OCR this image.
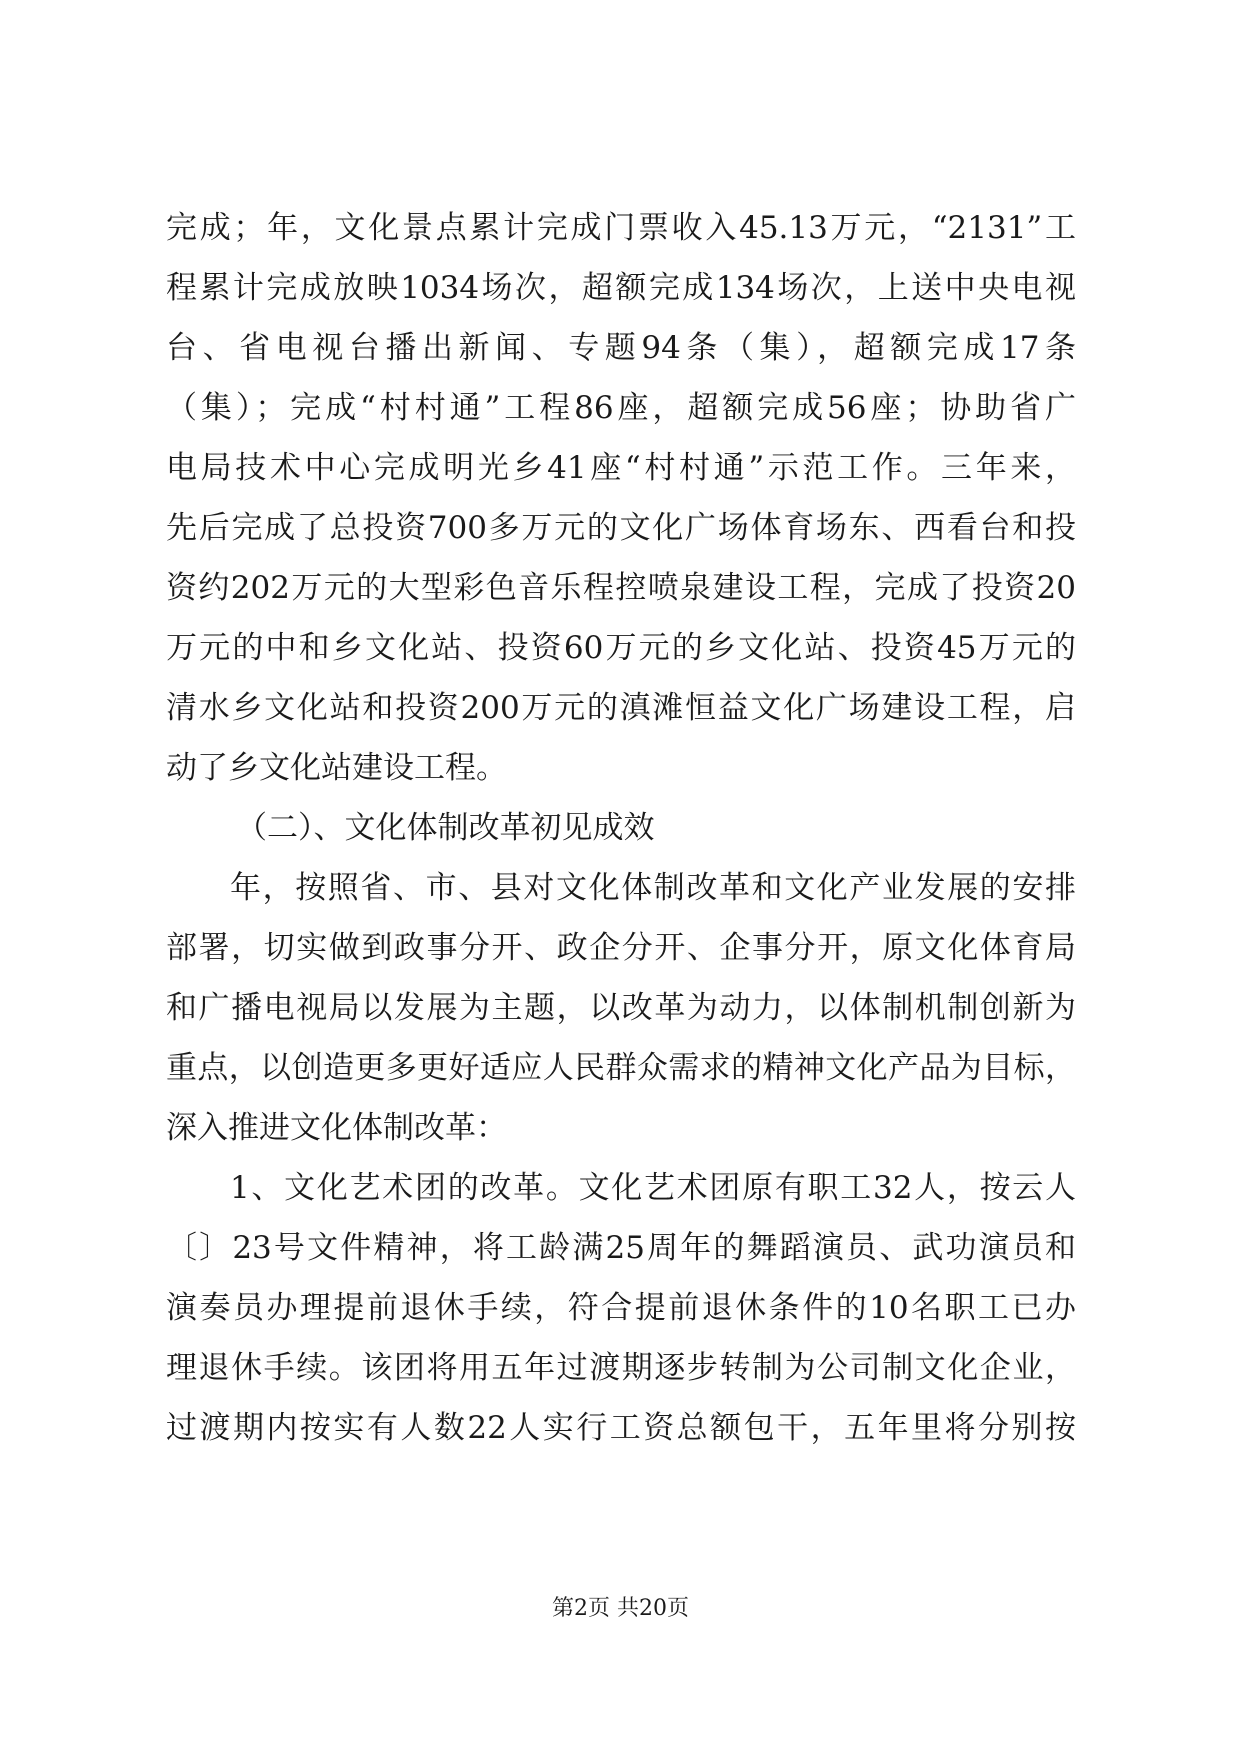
完成；年，文化景点累计完成门票收入45.13万元，“2131”工
程累计完成放映1034场次，超额完成134场次，上送中央电视
台、省电视台播出新闻、专题94条（集），超额完成17条
（集）；完成“村村通”工程86座，超额完成56座；协助省广
电局技术中心完成明光乡41座“村村通”示范工作。三年来，
先后完成了总投资700多万元的文化广场体育场东、西看台和投
资约202万元的大型彩色音乐程控喷泉建设工程，完成了投资20
万元的中和乡文化站、投资60万元的乡文化站、投资45万元的
清水乡文化站和投资200万元的滇滩恒益文化广场建设工程，启
动了乡文化站建设工程。
（二）、文化体制改革初见成效
年，按照省、市、县对文化体制改革和文化产业发展的安排
部署，切实做到政事分开、政企分开、企事分开，原文化体育局
和广播电视局以发展为主题，以改革为动力，以体制机制创新为
重点，以创造更多更好适应人民群众需求的精神文化产品为目标，
深入推进文化体制改革：
1、文化艺术团的改革。文化艺术团原有职工32人，按云人
〔〕23号文件精神，将工龄满25周年的舞蹈演员、武功演员和
演奏员办理提前退休手续，符合提前退休条件的10名职工已办
理退休手续。该团将用五年过渡期逐步转制为公司制文化企业，
过渡期内按实有人数22人实行工资总额包干，五年里将分别按
第2页 共20页
